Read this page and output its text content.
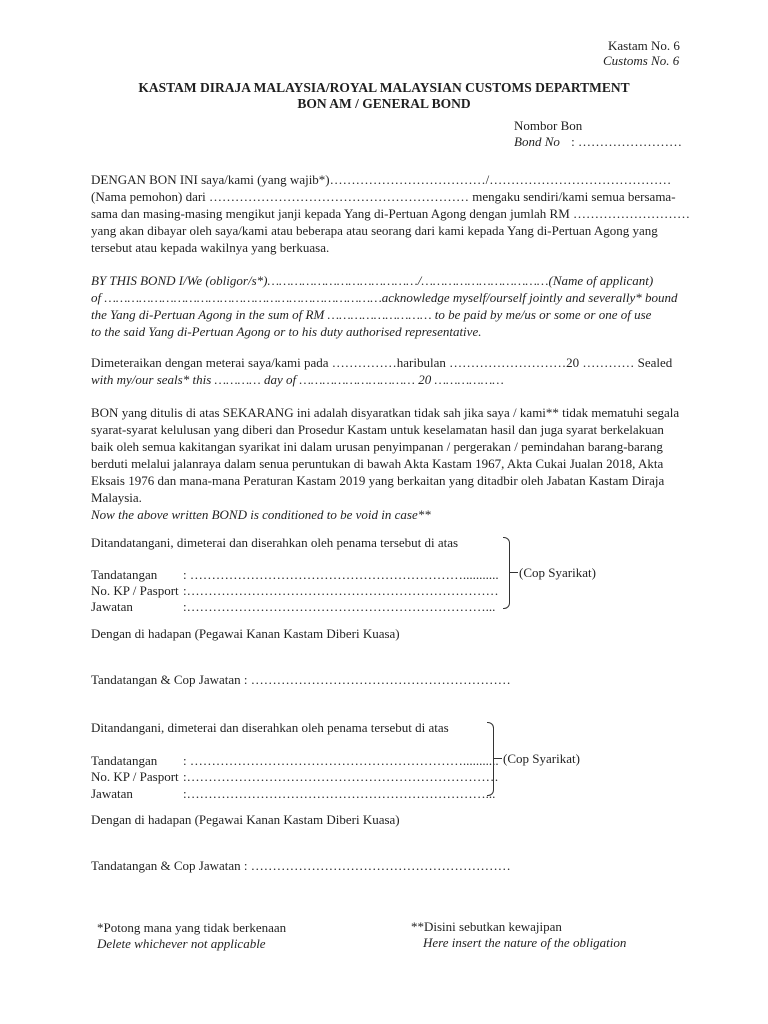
Kastam No. 6
Customs No. 6
KASTAM DIRAJA MALAYSIA/ROYAL MALAYSIAN CUSTOMS DEPARTMENT
BON AM / GENERAL BOND
Nombor Bon
Bond No : ……………………
DENGAN BON INI saya/kami (yang wajib*)………………………………/……………………………………
(Nama pemohon) dari …………………………………………………… mengaku sendiri/kami semua bersama-
sama dan masing-masing mengikut janji kepada Yang di-Pertuan Agong dengan jumlah RM ………………………
yang akan dibayar oleh saya/kami atau beberapa atau seorang dari kami kepada Yang di-Pertuan Agong yang
tersebut atau kepada wakilnya yang berkuasa.
BY THIS BOND I/We (obligor/s*)…………………………………/……………………………(Name of applicant)
of ………………………………………………………………acknowledge myself/ourself jointly and severally* bound
the Yang di-Pertuan Agong in the sum of RM ……………………… to be paid by me/us or some or one of use
to the said Yang di-Pertuan Agong or to his duty authorised representative.
Dimeteraikan dengan meterai saya/kami pada ……………haribulan ………………………20 ………… Sealed
with my/our seals* this ………… day of ………………………… 20 ………………
BON yang ditulis di atas SEKARANG ini adalah disyaratkan tidak sah jika saya / kami** tidak mematuhi segala
syarat-syarat kelulusan yang diberi dan Prosedur Kastam untuk keselamatan hasil dan juga syarat berkelakuan
baik oleh semua kakitangan syarikat ini dalam urusan penyimpanan / pergerakan / pemindahan barang-barang
berduti melalui jalanraya dalam senua peruntukan di bawah Akta Kastam 1967, Akta Cukai Jualan 2018, Akta
Eksais 1976 dan mana-mana Peraturan Kastam 2019 yang berkaitan yang ditadbir oleh Jabatan Kastam Diraja
Malaysia.
Now the above written BOND is conditioned to be void in case**
Ditandatangani, dimeterai dan diserahkan oleh penama tersebut di atas
Tandatangan : ………………………………………………………...........
No. KP / Pasport :………………………………………………………………
Jawatan	:……………………………………………………………...
(Cop Syarikat)
Dengan di hadapan (Pegawai Kanan Kastam Diberi Kuasa)
Tandatangan & Cop Jawatan : ……………………………………………………
Ditandangani, dimeterai dan diserahkan oleh penama tersebut di atas
Tandatangan : ………………………………………………………...........
No. KP / Pasport :………………………………………………………………
Jawatan	:……………………………………………………………...
(Cop Syarikat)
Dengan di hadapan (Pegawai Kanan Kastam Diberi Kuasa)
Tandatangan & Cop Jawatan : ……………………………………………………
*Potong mana yang tidak berkenaan
Delete whichever not applicable
**Disini sebutkan kewajipan
Here insert the nature of the obligation
